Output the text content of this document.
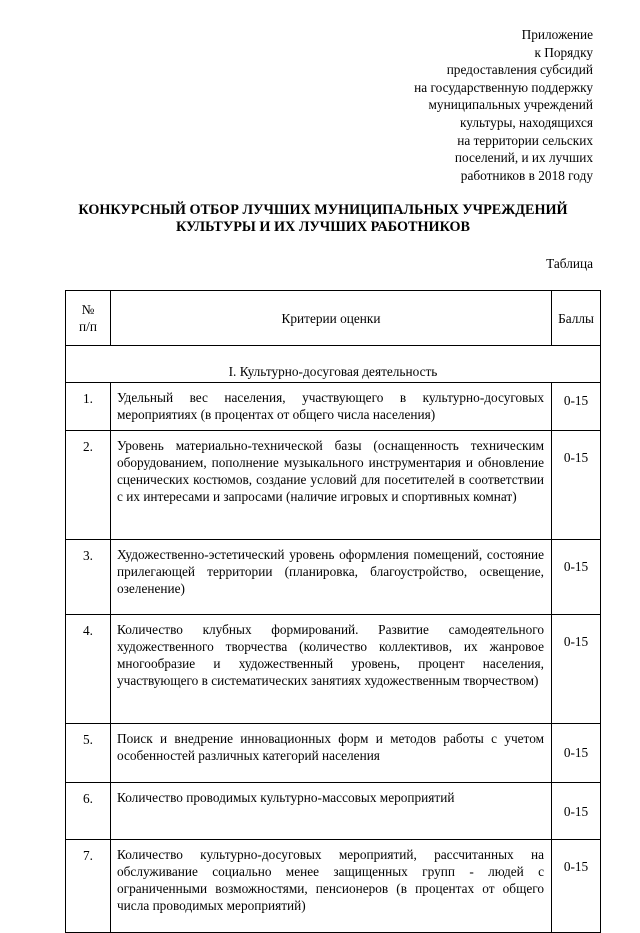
Приложение
к Порядку
предоставления субсидий
на государственную поддержку
муниципальных учреждений
культуры, находящихся
на территории сельских
поселений, и их лучших
работников в 2018 году
КОНКУРСНЫЙ ОТБОР ЛУЧШИХ МУНИЦИПАЛЬНЫХ УЧРЕЖДЕНИЙ
КУЛЬТУРЫ И ИХ ЛУЧШИХ РАБОТНИКОВ
Таблица
№
п/п	Критерии оценки	Баллы
I. Культурно-досуговая деятельность		
1.	Удельный вес населения, участвующего в культурно-досуговых мероприятиях (в процентах от общего числа населения)	0-15
2.	Уровень материально-технической базы (оснащенность техническим оборудованием, пополнение музыкального инструментария и обновление сценических костюмов, создание условий для посетителей в соответствии с их интересами и запросами (наличие игровых и спортивных комнат)	0-15
3.	Художественно-эстетический уровень оформления помещений, состояние прилегающей территории (планировка, благоустройство, освещение, озеленение)	0-15
4.	Количество клубных формирований. Развитие самодеятельного художественного творчества (количество коллективов, их жанровое многообразие и художественный уровень, процент населения, участвующего в систематических занятиях художественным творчеством)	0-15
5.	Поиск и внедрение инновационных форм и методов работы с учетом особенностей различных категорий населения	0-15
6.	Количество проводимых культурно-массовых мероприятий	0-15
7.	Количество культурно-досуговых мероприятий, рассчитанных на обслуживание социально менее защищенных групп - людей с ограниченными возможностями, пенсионеров (в процентах от общего числа проводимых мероприятий)	0-15
